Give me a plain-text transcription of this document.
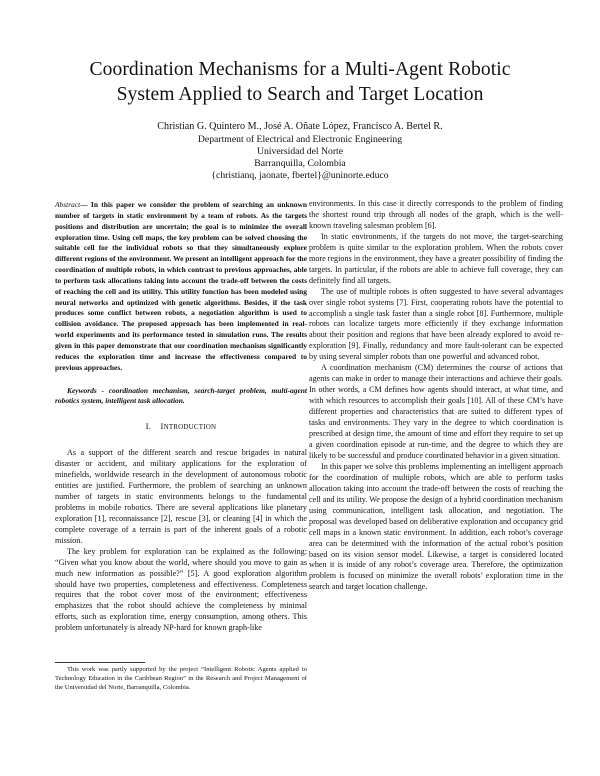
Coordination Mechanisms for a Multi-Agent Robotic
System Applied to Search and Target Location
Christian G. Quintero M., José A. Oñate López, Francisco A. Bertel R.
Department of Electrical and Electronic Engineering
Universidad del Norte
Barranquilla, Colombia
{christianq, jaonate, fbertel}@uninorte.educo

Abstract— In this paper we consider the problem of searching an unknown number of targets in static environment by a team of robots. As the targets positions and distribution are uncertain; the goal is to minimize the overall exploration time. Using cell maps, the key problem can be solved choosing the suitable cell for the individual robots so that they simultaneously explore different regions of the environment. We present an intelligent approach for the coordination of multiple robots, in which contrast to previous approaches, able to perform task allocations taking into account the trade-off between the costs of reaching the cell and its utility. This utility function has been modeled using neural networks and optimized with genetic algorithms. Besides, if the task produces some conflict between robots, a negotiation algorithm is used to collision avoidance. The proposed approach has been implemented in real-world experiments and its performance tested in simulation runs. The results given in this paper demonstrate that our coordination mechanism significantly reduces the exploration time and increase the effectiveness compared to previous approaches.

Keywords - coordination mechanism, search-target problem, multi-agent robotics system, intelligent task allocation.

I. INTRODUCTION

As a support of the different search and rescue brigades in natural disaster or accident, and military applications for the exploration of minefields, worldwide research in the development of autonomous robotic entities are justified. Furthermore, the problem of searching an unknown number of targets in static environments belongs to the fundamental problems in mobile robotics. There are several applications like planetary exploration [1], reconnaissance [2], rescue [3], or cleaning [4] in which the complete coverage of a terrain is part of the inherent goals of a robotic mission.

The key problem for exploration can be explained as the following: “Given what you know about the world, where should you move to gain as much new information as possible?” [5]. A good exploration algorithm should have two properties, completeness and effectiveness. Completeness requires that the robot cover most of the environment; effectiveness emphasizes that the robot should achieve the completeness by minimal efforts, such as exploration time, energy consumption, among others. This problem unfortunately is already NP-hard for known graph-like

environments. In this case it directly corresponds to the problem of finding the shortest round trip through all nodes of the graph, which is the well-known traveling salesman problem [6].

In static environments, if the targets do not move, the target-searching problem is quite similar to the exploration problem. When the robots cover more regions in the environment, they have a greater possibility of finding the targets. In particular, if the robots are able to achieve full coverage, they can definitely find all targets.

The use of multiple robots is often suggested to have several advantages over single robot systems [7]. First, cooperating robots have the potential to accomplish a single task faster than a single robot [8]. Furthermore, multiple robots can localize targets more efficiently if they exchange information about their position and regions that have been already explored to avoid re-exploration [9]. Finally, redundancy and more fault-tolerant can be expected by using several simpler robots than one powerful and advanced robot.

A coordination mechanism (CM) determines the course of actions that agents can make in order to manage their interactions and achieve their goals. In other words, a CM defines how agents should interact, at what time, and with which resources to accomplish their goals [10]. All of these CM’s have different properties and characteristics that are suited to different types of tasks and environments. They vary in the degree to which coordination is prescribed at design time, the amount of time and effort they require to set up a given coordination episode at run-time, and the degree to which they are likely to be successful and produce coordinated behavior in a given situation.

In this paper we solve this problems implementing an intelligent approach for the coordination of multiple robots, which are able to perform tasks allocation taking into account the trade-off between the costs of reaching the cell and its utility. We propose the design of a hybrid coordination mechanism using communication, intelligent task allocation, and negotiation. The proposal was developed based on deliberative exploration and occupancy grid cell maps in a known static environment. In addition, each robot’s coverage area can be determined with the information of the actual robot’s position based on its vision sensor model. Likewise, a target is considered located when it is inside of any robot’s coverage area. Therefore, the optimization problem is focused on minimize the overall robots’ exploration time in the search and target location challenge.

This work was partly supported by the project “Intelligent Robotic Agents applied to Technology Education in the Caribbean Region” in the Research and Project Management of the Universidad del Norte, Barranquilla, Colombia.
